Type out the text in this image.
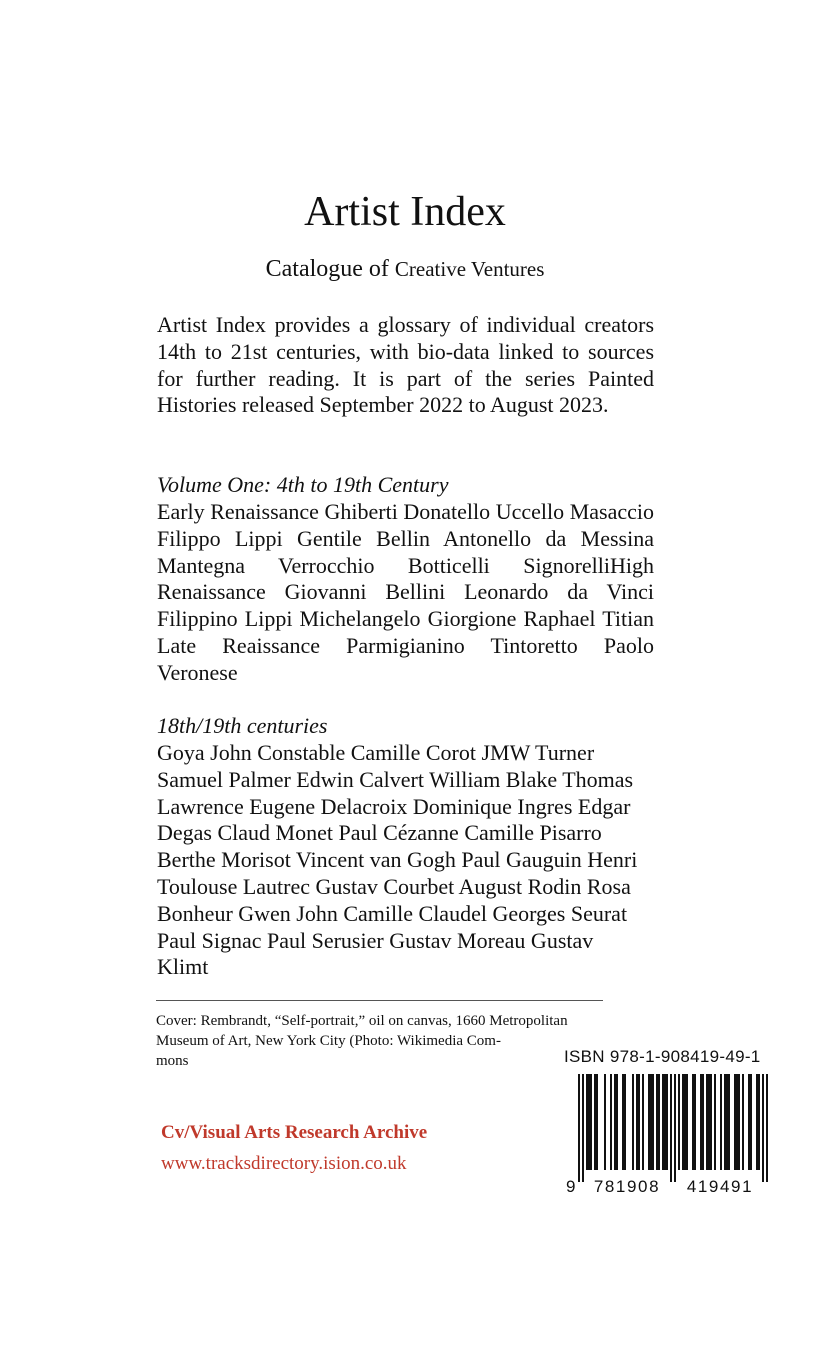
Artist Index
Catalogue of Creative Ventures

Artist Index provides a glossary of individual creators 14th to 21st centuries, with bio-data linked to sources for further reading. It is part of the series Painted Histories released September 2022 to August 2023.

Volume One: 4th to 19th Century

Early Renaissance Ghiberti Donatello Uccello Masaccio Filippo Lippi Gentile Bellin Antonello da Messina Mantegna Verrocchio Botticelli SignorelliHigh Renaissance Giovanni Bellini Leonardo da Vinci Filippino Lippi Michelangelo Giorgione Raphael Titian Late Reaissance Parmigianino Tintoretto Paolo Veronese

18th/19th centuries

Goya John Constable Camille Corot JMW Turner Samuel Palmer Edwin Calvert William Blake Thomas Lawrence Eugene Delacroix Dominique Ingres Edgar Degas Claud Monet Paul Cézanne Camille Pisarro Berthe Morisot Vincent van Gogh Paul Gauguin Henri Toulouse Lautrec Gustav Courbet August Rodin Rosa Bonheur Gwen John Camille Claudel Georges Seurat Paul Signac Paul Serusier Gustav Moreau Gustav Klimt

Cover: Rembrandt, “Self-portrait,” oil on canvas, 1660 Metropolitan
Museum of Art, New York City (Photo: Wikimedia Com-
mons

Cv/Visual Arts Research Archive
www.tracksdirectory.ision.co.uk
ISBN 978-1-908419-49-1
9 781908 419491
